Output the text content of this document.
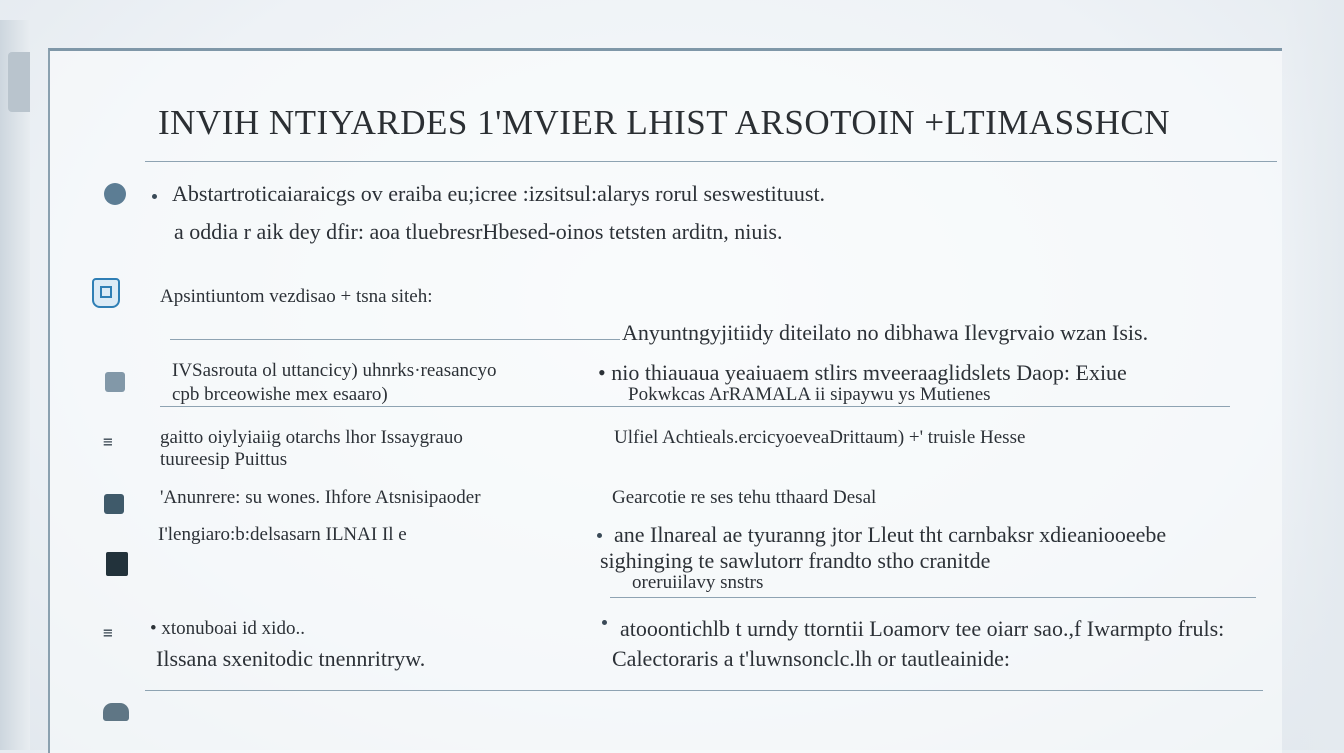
INVIH NTIYARDES 1'MVIER LHIST ARSOTOIN +LTIMASSHCN
Abstartroticaiaraicgs ov eraiba eu;icree :izsitsul:alarys rorul seswestituust.
a oddia r aik dey dfir: aoa tluebresrHbesed-oinos tetsten arditn, niuis.
Apsintiuntom vezdisao + tsna siteh:
Anyuntngyjitiidy diteilato no dibhawa Ilevgrvaio wzan Isis.
IVSasrouta ol uttancicy) uhnrks·reasancyo
cpb brceowishe mex esaaro)
• nio thiauaua yeaiuaem stlirs mveeraaglidslets Daop: Exiue
Pokwkcas ArRAMALA ii sipaywu ys Mutienes
≡ gaitto oiylyiaiig otarchs lhor Issaygrauo
tuureesip Puittus
Ulfiel Achtieals.ercicyoeveaDrittaum) +' truisle Hesse
'Anunrere: su wones. Ihfore Atsnisipaoder	Gearcotie re ses tehu tthaard Desal
I'lengiaro:b:delsasarn ILNAI Il e	ane Ilnareal ae tyuranng jtor Lleut tht carnbaksr xdieaniooeebe
sighinging te sawlutorr frandto stho cranitde
oreruiilavy snstrs
≡ • xtonuboai id xido..
Ilssana sxenitodic tnennritryw.
atooontichlb t urndy ttorntii Loamorv tee oiarr sao.,f Iwarmpto fruls:
Calectoraris a t'luwnsonclc.lh or tautleainide:
